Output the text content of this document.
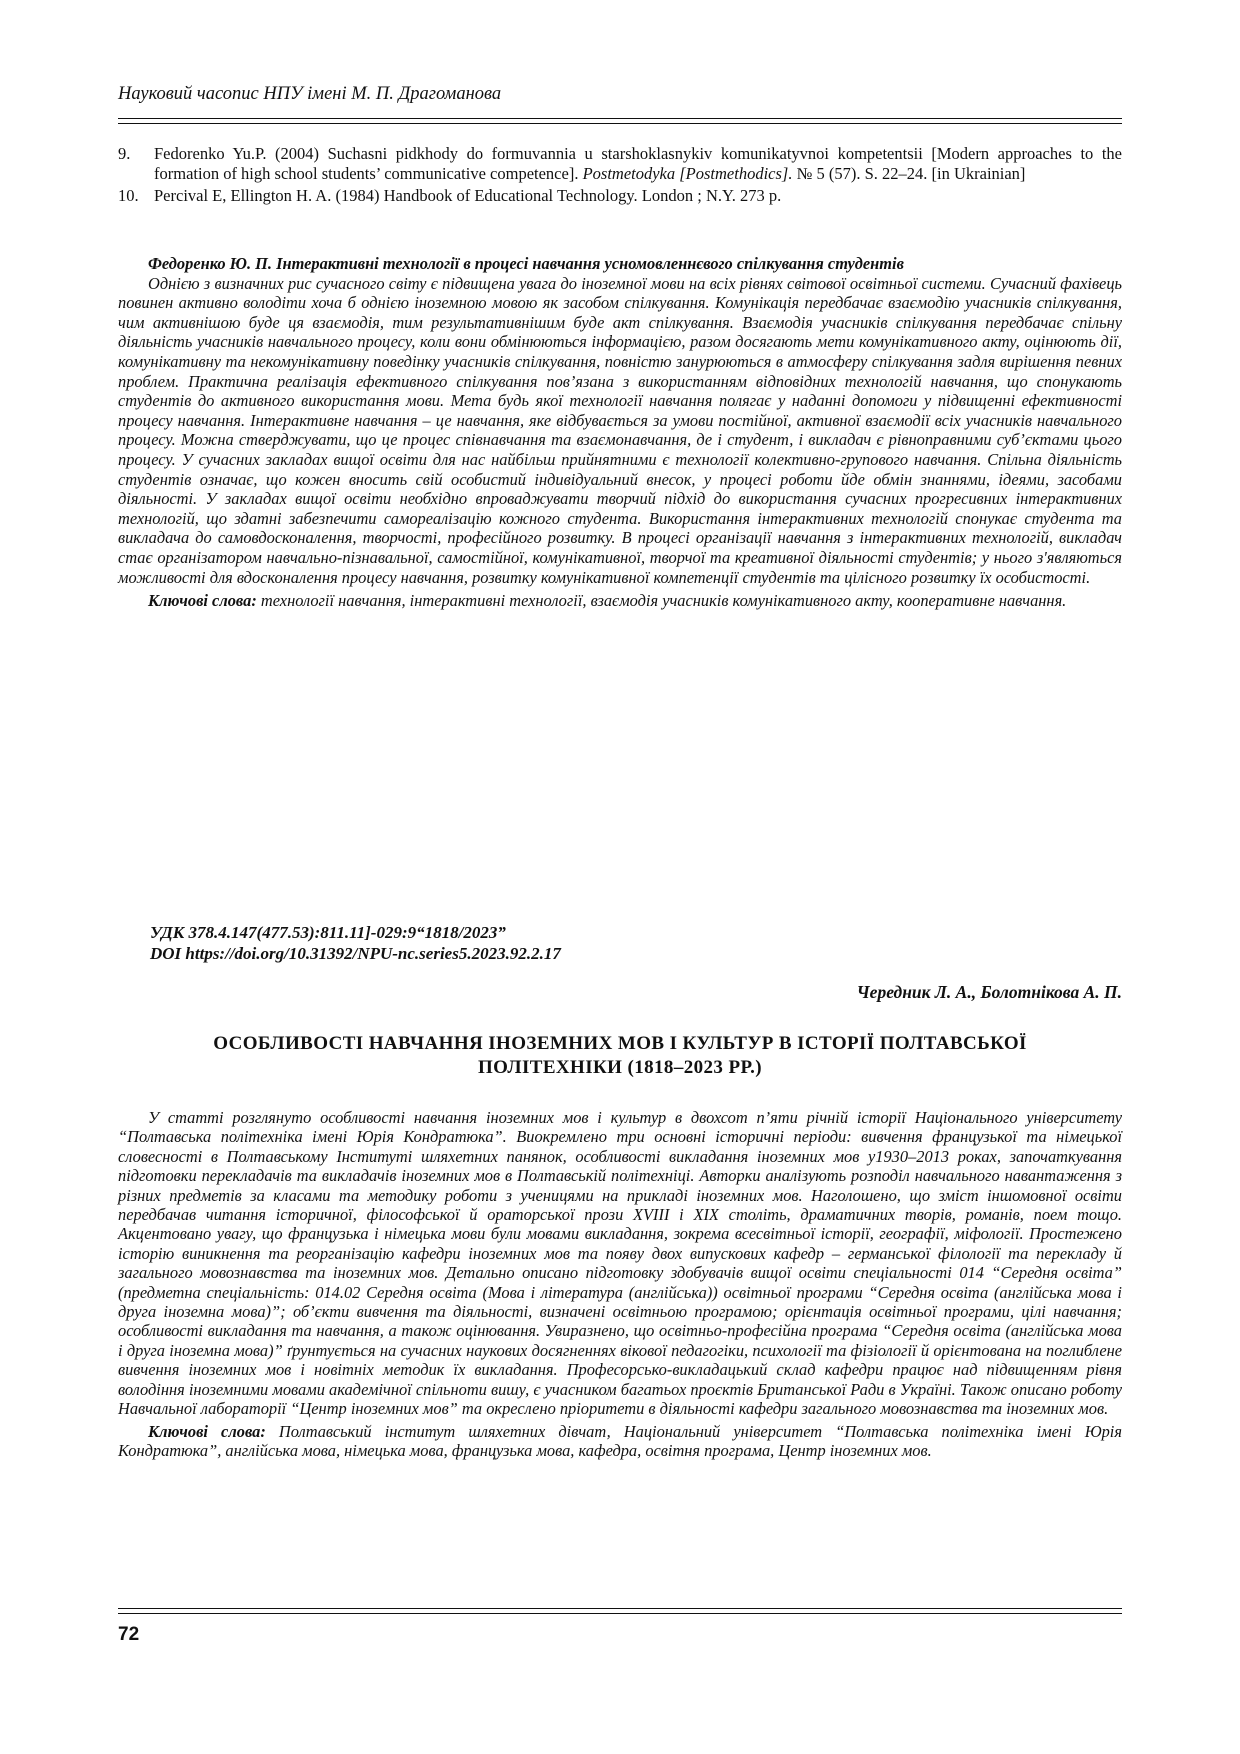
Науковий часопис НПУ імені М. П. Драгоманова
9. Fedorenko Yu.P. (2004) Suchasni pidkhody do formuvannia u starshoklasnykiv komunikatyvnoi kompetentsii [Modern approaches to the formation of high school students’ communicative competence]. Postmetodyka [Postmethodics]. № 5 (57). S. 22–24. [in Ukrainian]
10. Percival E, Ellington H. A. (1984) Handbook of Educational Technology. London ; N.Y. 273 p.

Федоренко Ю. П. Інтерактивні технології в процесі навчання усномовленнєвого спілкування студентів

Однією з визначних рис сучасного світу є підвищена увага до іноземної мови на всіх рівнях світової освітньої системи. Сучасний фахівець повинен активно володіти хоча б однією іноземною мовою як засобом спілкування. Комунікація передбачає взаємодію учасників спілкування, чим активнішою буде ця взаємодія, тим результативнішим буде акт спілкування. Взаємодія учасників спілкування передбачає спільну діяльність учасників навчального процесу, коли вони обмінюються інформацією, разом досягають мети комунікативного акту, оцінюють дії, комунікативну та некомунікативну поведінку учасників спілкування, повністю занурюються в атмосферу спілкування задля вирішення певних проблем. Практична реалізація ефективного спілкування пов’язана з використанням відповідних технологій навчання, що спонукають студентів до активного використання мови. Мета будь якої технології навчання полягає у наданні допомоги у підвищенні ефективності процесу навчання. Інтерактивне навчання – це навчання, яке відбувається за умови постійної, активної взаємодії всіх учасників навчального процесу. Можна стверджувати, що це процес співнавчання та взаємонавчання, де і студент, і викладач є рівноправними суб’єктами цього процесу. У сучасних закладах вищої освіти для нас найбільш прийнятними є технології колективно-групового навчання. Спільна діяльність студентів означає, що кожен вносить свій особистий індивідуальний внесок, у процесі роботи йде обмін знаннями, ідеями, засобами діяльності. У закладах вищої освіти необхідно впроваджувати творчий підхід до використання сучасних прогресивних інтерактивних технологій, що здатні забезпечити самореалізацію кожного студента. Використання інтерактивних технологій спонукає студента та викладача до самовдосконалення, творчості, професійного розвитку. В процесі організації навчання з інтерактивних технологій, викладач стає організатором навчально-пізнавальної, самостійної, комунікативної, творчої та креативної діяльності студентів; у нього з'являються можливості для вдосконалення процесу навчання, розвитку комунікативної компетенції студентів та цілісного розвитку їх особистості.

Ключові слова: технології навчання, інтерактивні технології, взаємодія учасників комунікативного акту, кооперативне навчання.

УДК 378.4.147(477.53):811.11]-029:9“1818/2023”
DOI https://doi.org/10.31392/NPU-nc.series5.2023.92.2.17
Чередник Л. А., Болотнікова А. П.
ОСОБЛИВОСТІ НАВЧАННЯ ІНОЗЕМНИХ МОВ І КУЛЬТУР В ІСТОРІЇ ПОЛТАВСЬКОЇ
ПОЛІТЕХНІКИ (1818–2023 РР.)

У статті розглянуто особливості навчання іноземних мов і культур в двохсот п’яти річній історії Національного університету “Полтавська політехніка імені Юрія Кондратюка”. Виокремлено три основні історичні періоди: вивчення французької та німецької словесності в Полтавському Інституті шляхетних панянок, особливості викладання іноземних мов у1930–2013 роках, започаткування підготовки перекладачів та викладачів іноземних мов в Полтавській політехніці. Авторки аналізують розподіл навчального навантаження з різних предметів за класами та методику роботи з ученицями на прикладі іноземних мов. Наголошено, що зміст іншомовної освіти передбачав читання історичної, філософської й ораторської прози XVIII і XIX століть, драматичних творів, романів, поем тощо. Акцентовано увагу, що французька і німецька мови були мовами викладання, зокрема всесвітньої історії, географії, міфології. Простежено історію виникнення та реорганізацію кафедри іноземних мов та появу двох випускових кафедр – германської філології та перекладу й загального мовознавства та іноземних мов. Детально описано підготовку здобувачів вищої освіти спеціальності 014 “Середня освіта” (предметна спеціальність: 014.02 Середня освіта (Мова і література (англійська)) освітньої програми “Середня освіта (англійська мова і друга іноземна мова)”; об’єкти вивчення та діяльності, визначені освітньою програмою; орієнтація освітньої програми, цілі навчання; особливості викладання та навчання, а також оцінювання. Увиразнено, що освітньо-професійна програма “Середня освіта (англійська мова і друга іноземна мова)” ґрунтується на сучасних наукових досягненнях вікової педагогіки, психології та фізіології й орієнтована на поглиблене вивчення іноземних мов і новітніх методик їх викладання. Професорсько-викладацький склад кафедри працює над підвищенням рівня володіння іноземними мовами академічної спільноти вишу, є учасником багатьох проєктів Британської Ради в Україні. Також описано роботу Навчальної лабораторії “Центр іноземних мов” та окреслено пріоритети в діяльності кафедри загального мовознавства та іноземних мов.

Ключові слова: Полтавський інститут шляхетних дівчат, Національний університет “Полтавська політехніка імені Юрія Кондратюка”, англійська мова, німецька мова, французька мова, кафедра, освітня програма, Центр іноземних мов.

72
